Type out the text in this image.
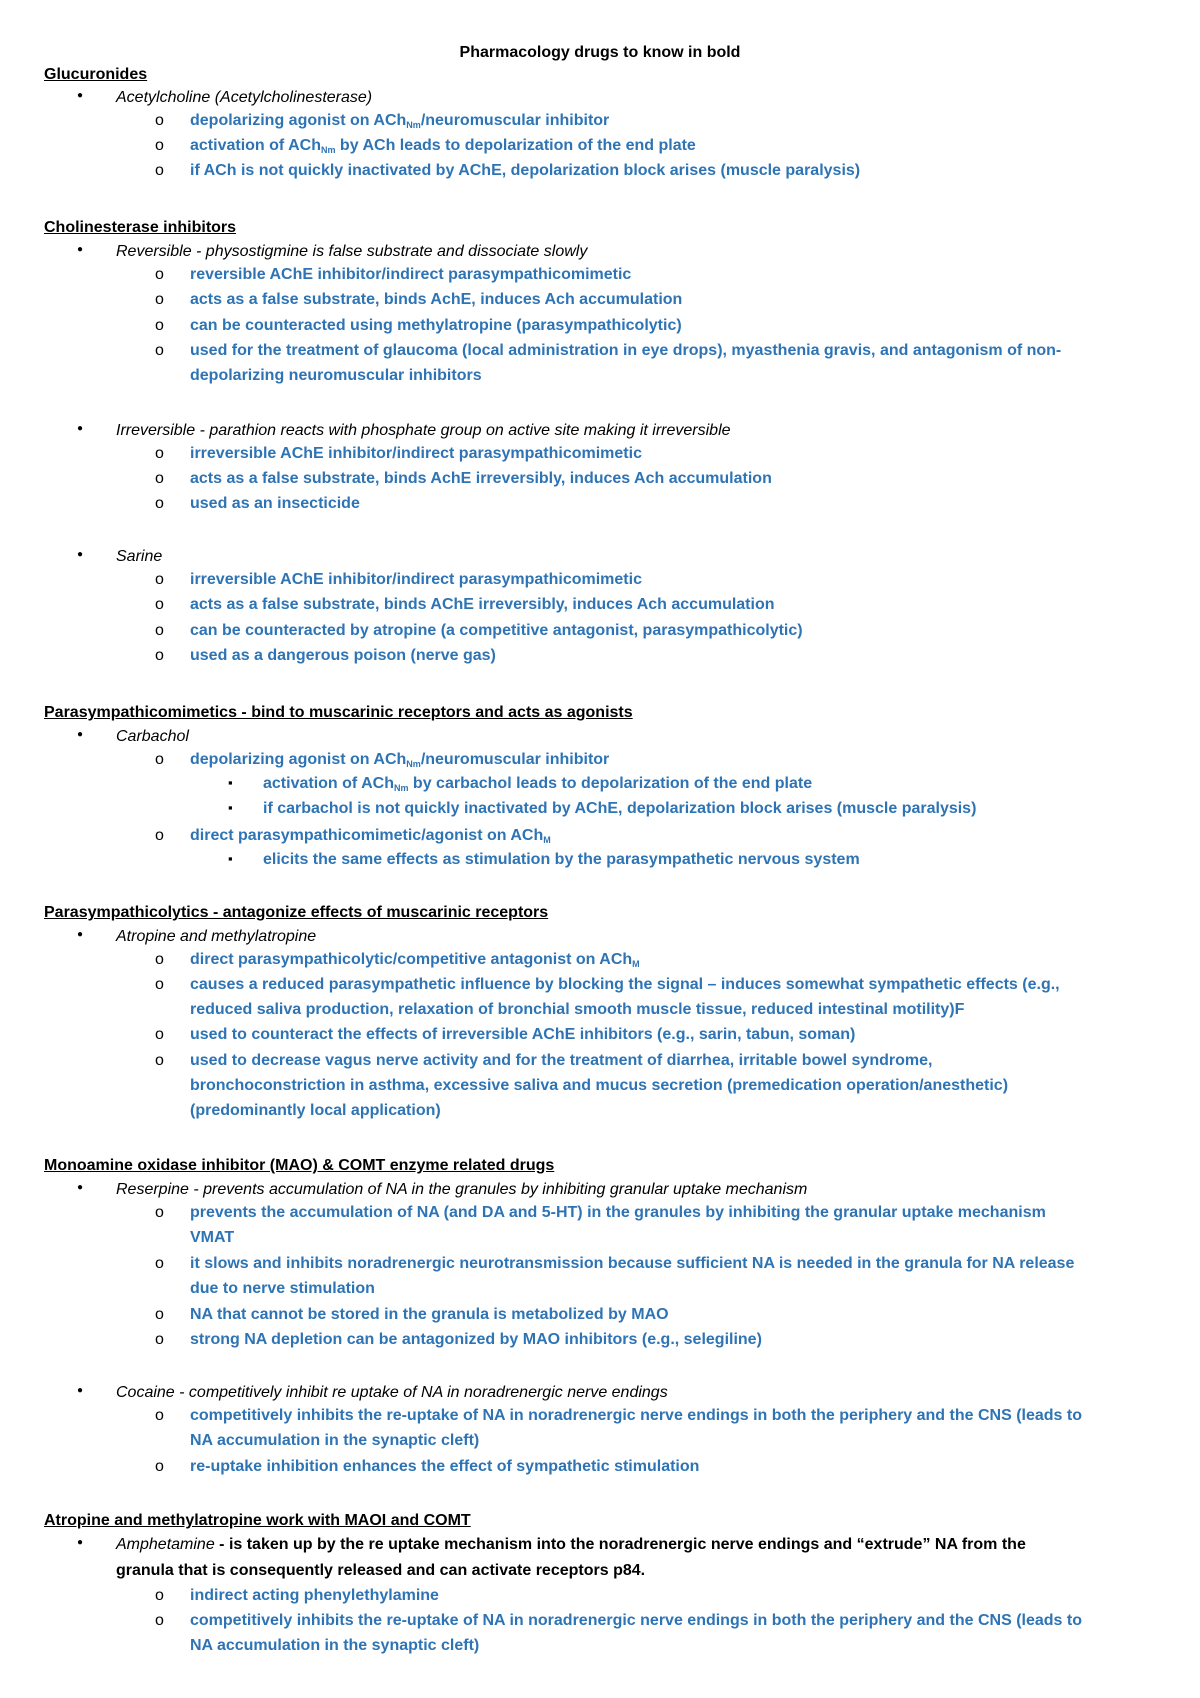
Pharmacology drugs to know in bold
Glucuronides
● Acetylcholine (Acetylcholinesterase)
o depolarizing agonist on ACh$_{Nm}$/neuromuscular inhibitor
o activation of ACh$_{Nm}$ by ACh leads to depolarization of the end plate
o if ACh is not quickly inactivated by AChE, depolarization block arises (muscle paralysis)
Cholinesterase inhibitors
● Reversible - physostigmine is false substrate and dissociate slowly
o reversible AChE inhibitor/indirect parasympathicomimetic
o acts as a false substrate, binds AchE, induces Ach accumulation
o can be counteracted using methylatropine (parasympathicolytic)
o used for the treatment of glaucoma (local administration in eye drops), myasthenia gravis, and antagonism of non-
depolarizing neuromuscular inhibitors
● Irreversible - parathion reacts with phosphate group on active site making it irreversible
o irreversible AChE inhibitor/indirect parasympathicomimetic
o acts as a false substrate, binds AchE irreversibly, induces Ach accumulation
o used as an insecticide
● Sarine
o irreversible AChE inhibitor/indirect parasympathicomimetic
o acts as a false substrate, binds AChE irreversibly, induces Ach accumulation
o can be counteracted by atropine (a competitive antagonist, parasympathicolytic)
o used as a dangerous poison (nerve gas)
Parasympathicomimetics - bind to muscarinic receptors and acts as agonists
● Carbachol
o depolarizing agonist on ACh$_{Nm}$/neuromuscular inhibitor
▪ activation of ACh$_{Nm}$ by carbachol leads to depolarization of the end plate
▪ if carbachol is not quickly inactivated by AChE, depolarization block arises (muscle paralysis)
o direct parasympathicomimetic/agonist on ACh$_M$
▪ elicits the same effects as stimulation by the parasympathetic nervous system
Parasympathicolytics - antagonize effects of muscarinic receptors
● Atropine and methylatropine
o direct parasympathicolytic/competitive antagonist on ACh$_M$
o causes a reduced parasympathetic influence by blocking the signal – induces somewhat sympathetic effects (e.g.,
reduced saliva production, relaxation of bronchial smooth muscle tissue, reduced intestinal motility)F
o used to counteract the effects of irreversible AChE inhibitors (e.g., sarin, tabun, soman)
o used to decrease vagus nerve activity and for the treatment of diarrhea, irritable bowel syndrome,
bronchoconstriction in asthma, excessive saliva and mucus secretion (premedication operation/anesthetic)
(predominantly local application)
Monoamine oxidase inhibitor (MAO) & COMT enzyme related drugs
● Reserpine - prevents accumulation of NA in the granules by inhibiting granular uptake mechanism
o prevents the accumulation of NA (and DA and 5-HT) in the granules by inhibiting the granular uptake mechanism
VMAT
o it slows and inhibits noradrenergic neurotransmission because sufficient NA is needed in the granula for NA release
due to nerve stimulation
o NA that cannot be stored in the granula is metabolized by MAO
o strong NA depletion can be antagonized by MAO inhibitors (e.g., selegiline)
● Cocaine - competitively inhibit re uptake of NA in noradrenergic nerve endings
o competitively inhibits the re-uptake of NA in noradrenergic nerve endings in both the periphery and the CNS (leads to
NA accumulation in the synaptic cleft)
o re-uptake inhibition enhances the effect of sympathetic stimulation
Atropine and methylatropine work with MAOI and COMT
● Amphetamine - is taken up by the re uptake mechanism into the noradrenergic nerve endings and “extrude” NA from the
granula that is consequently released and can activate receptors p84.
o indirect acting phenylethylamine
o competitively inhibits the re-uptake of NA in noradrenergic nerve endings in both the periphery and the CNS (leads to
NA accumulation in the synaptic cleft)
